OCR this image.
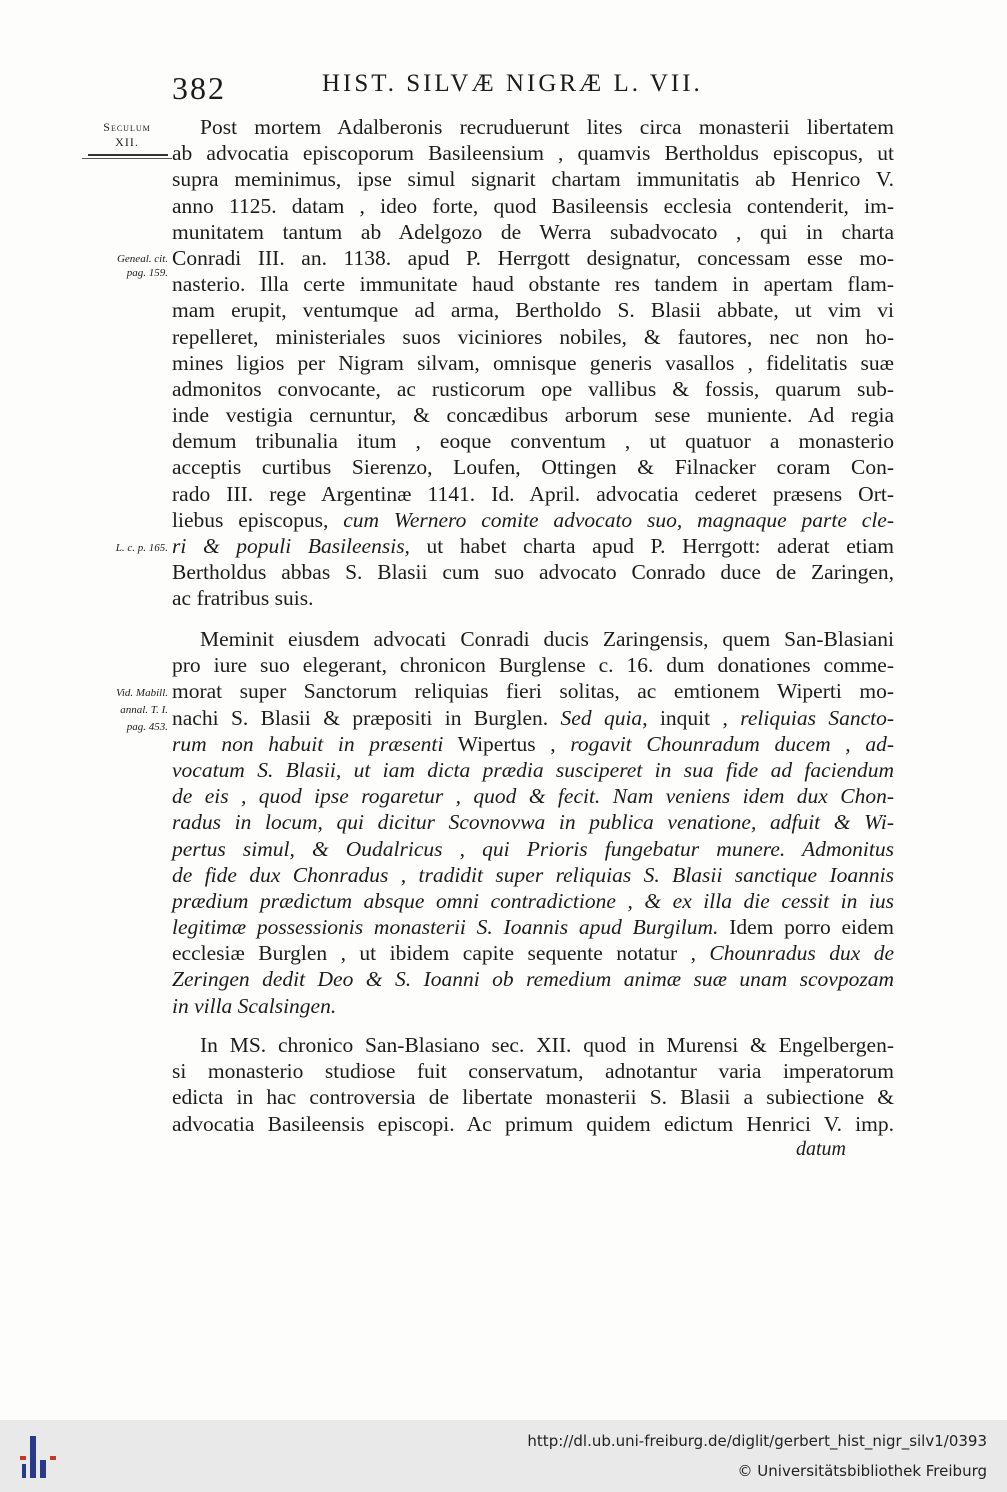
382	HIST. SILVÆ NIGRÆ L. VII.
Seculum
XII.
Geneal. cit.
pag. 159.
L. c. p. 165.
Vid. Mabill.
annal. T. I.
pag. 453.
Post mortem Adalberonis recruduerunt lites circa monasterii libertatem
ab advocatia episcoporum Basileensium , quamvis Bertholdus episcopus, ut
supra meminimus, ipse simul signarit chartam immunitatis ab Henrico V.
anno 1125. datam , ideo forte, quod Basileensis ecclesia contenderit, im-
munitatem tantum ab Adelgozo de Werra subadvocato , qui in charta
Conradi III. an. 1138. apud P. Herrgott designatur, concessam esse mo-
nasterio. Illa certe immunitate haud obstante res tandem in apertam flam-
mam erupit, ventumque ad arma, Bertholdo S. Blasii abbate, ut vim vi
repelleret, ministeriales suos viciniores nobiles, & fautores, nec non ho-
mines ligios per Nigram silvam, omnisque generis vasallos , fidelitatis suæ
admonitos convocante, ac rusticorum ope vallibus & fossis, quarum sub-
inde vestigia cernuntur, & concædibus arborum sese muniente. Ad regia
demum tribunalia itum , eoque conventum , ut quatuor a monasterio
acceptis curtibus Sierenzo, Loufen, Ottingen & Filnacker coram Con-
rado III. rege Argentinæ 1141. Id. April. advocatia cederet præsens Ort-
liebus episcopus, cum Wernero comite advocato suo, magnaque parte cle-
ri & populi Basileensis, ut habet charta apud P. Herrgott: aderat etiam
Bertholdus abbas S. Blasii cum suo advocato Conrado duce de Zaringen,
ac fratribus suis.
Meminit eiusdem advocati Conradi ducis Zaringensis, quem San-Blasiani
pro iure suo elegerant, chronicon Burglense c. 16. dum donationes comme-
morat super Sanctorum reliquias fieri solitas, ac emtionem Wiperti mo-
nachi S. Blasii & præpositi in Burglen. Sed quia, inquit , reliquias Sancto-
rum non habuit in præsenti Wipertus , rogavit Chounradum ducem , ad-
vocatum S. Blasii, ut iam dicta prædia susciperet in sua fide ad faciendum
de eis , quod ipse rogaretur , quod & fecit. Nam veniens idem dux Chon-
radus in locum, qui dicitur Scovnovwa in publica venatione, adfuit & Wi-
pertus simul, & Oudalricus , qui Prioris fungebatur munere. Admonitus
de fide dux Chonradus , tradidit super reliquias S. Blasii sanctique Ioannis
prædium prædictum absque omni contradictione , & ex illa die cessit in ius
legitimæ possessionis monasterii S. Ioannis apud Burgilum. Idem porro eidem
ecclesiæ Burglen , ut ibidem capite sequente notatur , Chounradus dux de
Zeringen dedit Deo & S. Ioanni ob remedium animæ suæ unam scovpozam
in villa Scalsingen.
In MS. chronico San-Blasiano sec. XII. quod in Murensi & Engelbergen-
si monasterio studiose fuit conservatum, adnotantur varia imperatorum
edicta in hac controversia de libertate monasterii S. Blasii a subiectione &
advocatia Basileensis episcopi. Ac primum quidem edictum Henrici V. imp.
datum
http://dl.ub.uni-freiburg.de/diglit/gerbert_hist_nigr_silv1/0393
© Universitätsbibliothek Freiburg
